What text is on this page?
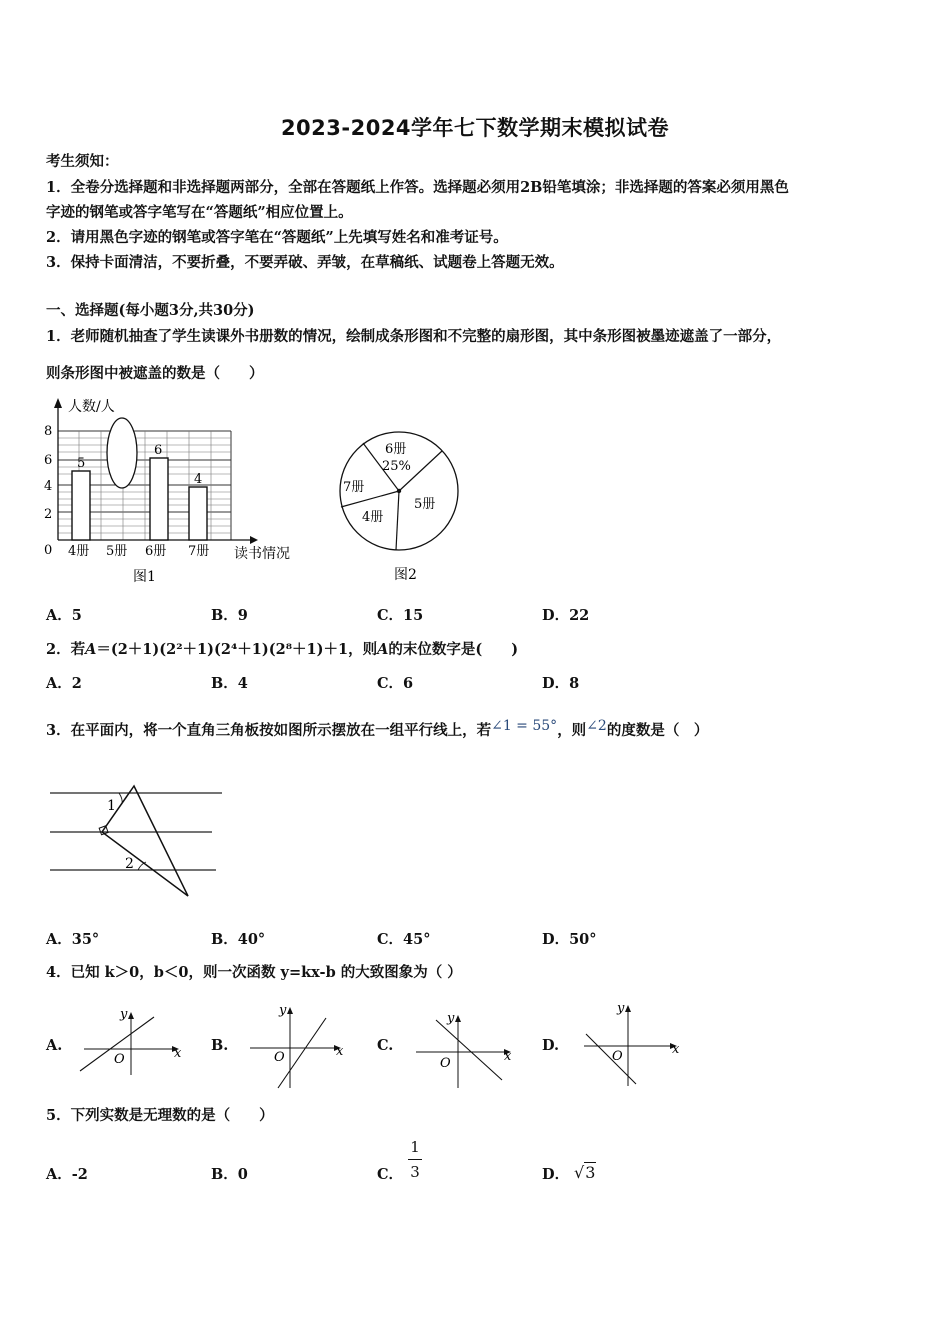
2023-2024学年七下数学期末模拟试卷
考生须知：
1．全卷分选择题和非选择题两部分，全部在答题纸上作答。选择题必须用2B铅笔填涂；非选择题的答案必须用黑色
字迹的钢笔或答字笔写在“答题纸”相应位置上。
2．请用黑色字迹的钢笔或答字笔在“答题纸”上先填写姓名和准考证号。
3．保持卡面清洁，不要折叠，不要弄破、弄皱，在草稿纸、试题卷上答题无效。
一、选择题(每小题3分,共30分)
1．老师随机抽查了学生读课外书册数的情况，绘制成条形图和不完整的扇形图，其中条形图被墨迹遮盖了一部分，
则条形图中被遮盖的数是（　　）
人数/人
读书情况
0
2
4
6
8
4册 5册 6册 7册
5
6
4
图1
6册
25%
7册
4册
5册
图2
A．5	B．9	C．15	D．22
2．若A＝(2＋1)(2²＋1)(2⁴＋1)(2⁸＋1)＋1，则A的末位数字是(　　)
A．2	B．4	C．6	D．8
3．在平面内，将一个直角三角板按如图所示摆放在一组平行线上，若∠1 = 55°，则∠2的度数是（　）
1
2
A．35°	B．40°	C．45°	D．50°
4．已知 k＞0，b＜0，则一次函数 y=kx-b 的大致图象为（ ）
A.
y
x
O
B.
y
x
O
C.
y
x
O
D.
y
x
O
5．下列实数是无理数的是（　　）
A．-2	B．0	C．
1
3	D． √3
